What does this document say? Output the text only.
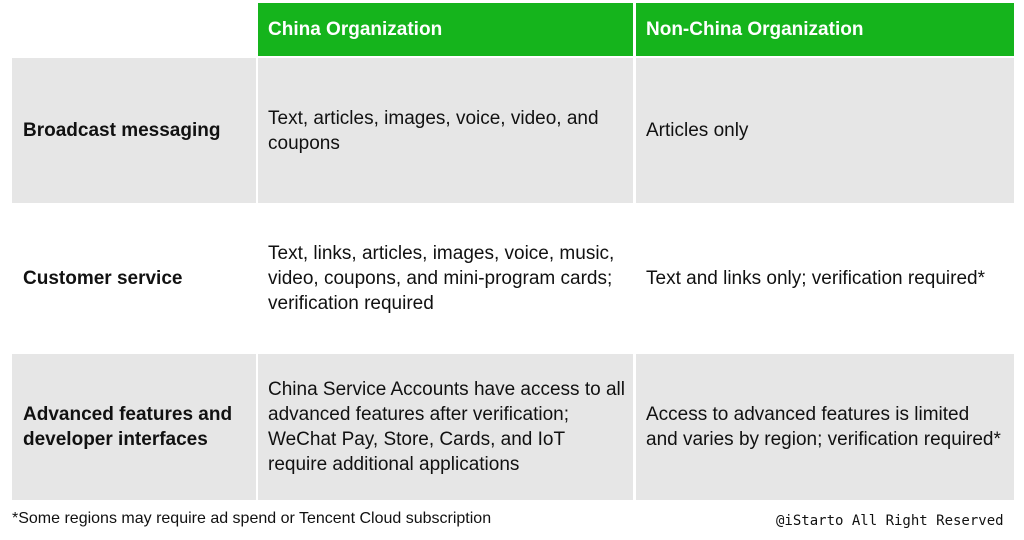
China Organization	Non-China Organization
Broadcast messaging
Text, articles, images, voice, video, and coupons
Articles only
Customer service
Text, links, articles, images, voice, music, video, coupons, and mini-program cards; verification required
Text and links only; verification required*
Advanced features and developer interfaces
China Service Accounts have access to all advanced features after verification; WeChat Pay, Store, Cards, and IoT require additional applications
Access to advanced features is limited and varies by region; verification required*
*Some regions may require ad spend or Tencent Cloud subscription	@iStarto All Right Reserved
